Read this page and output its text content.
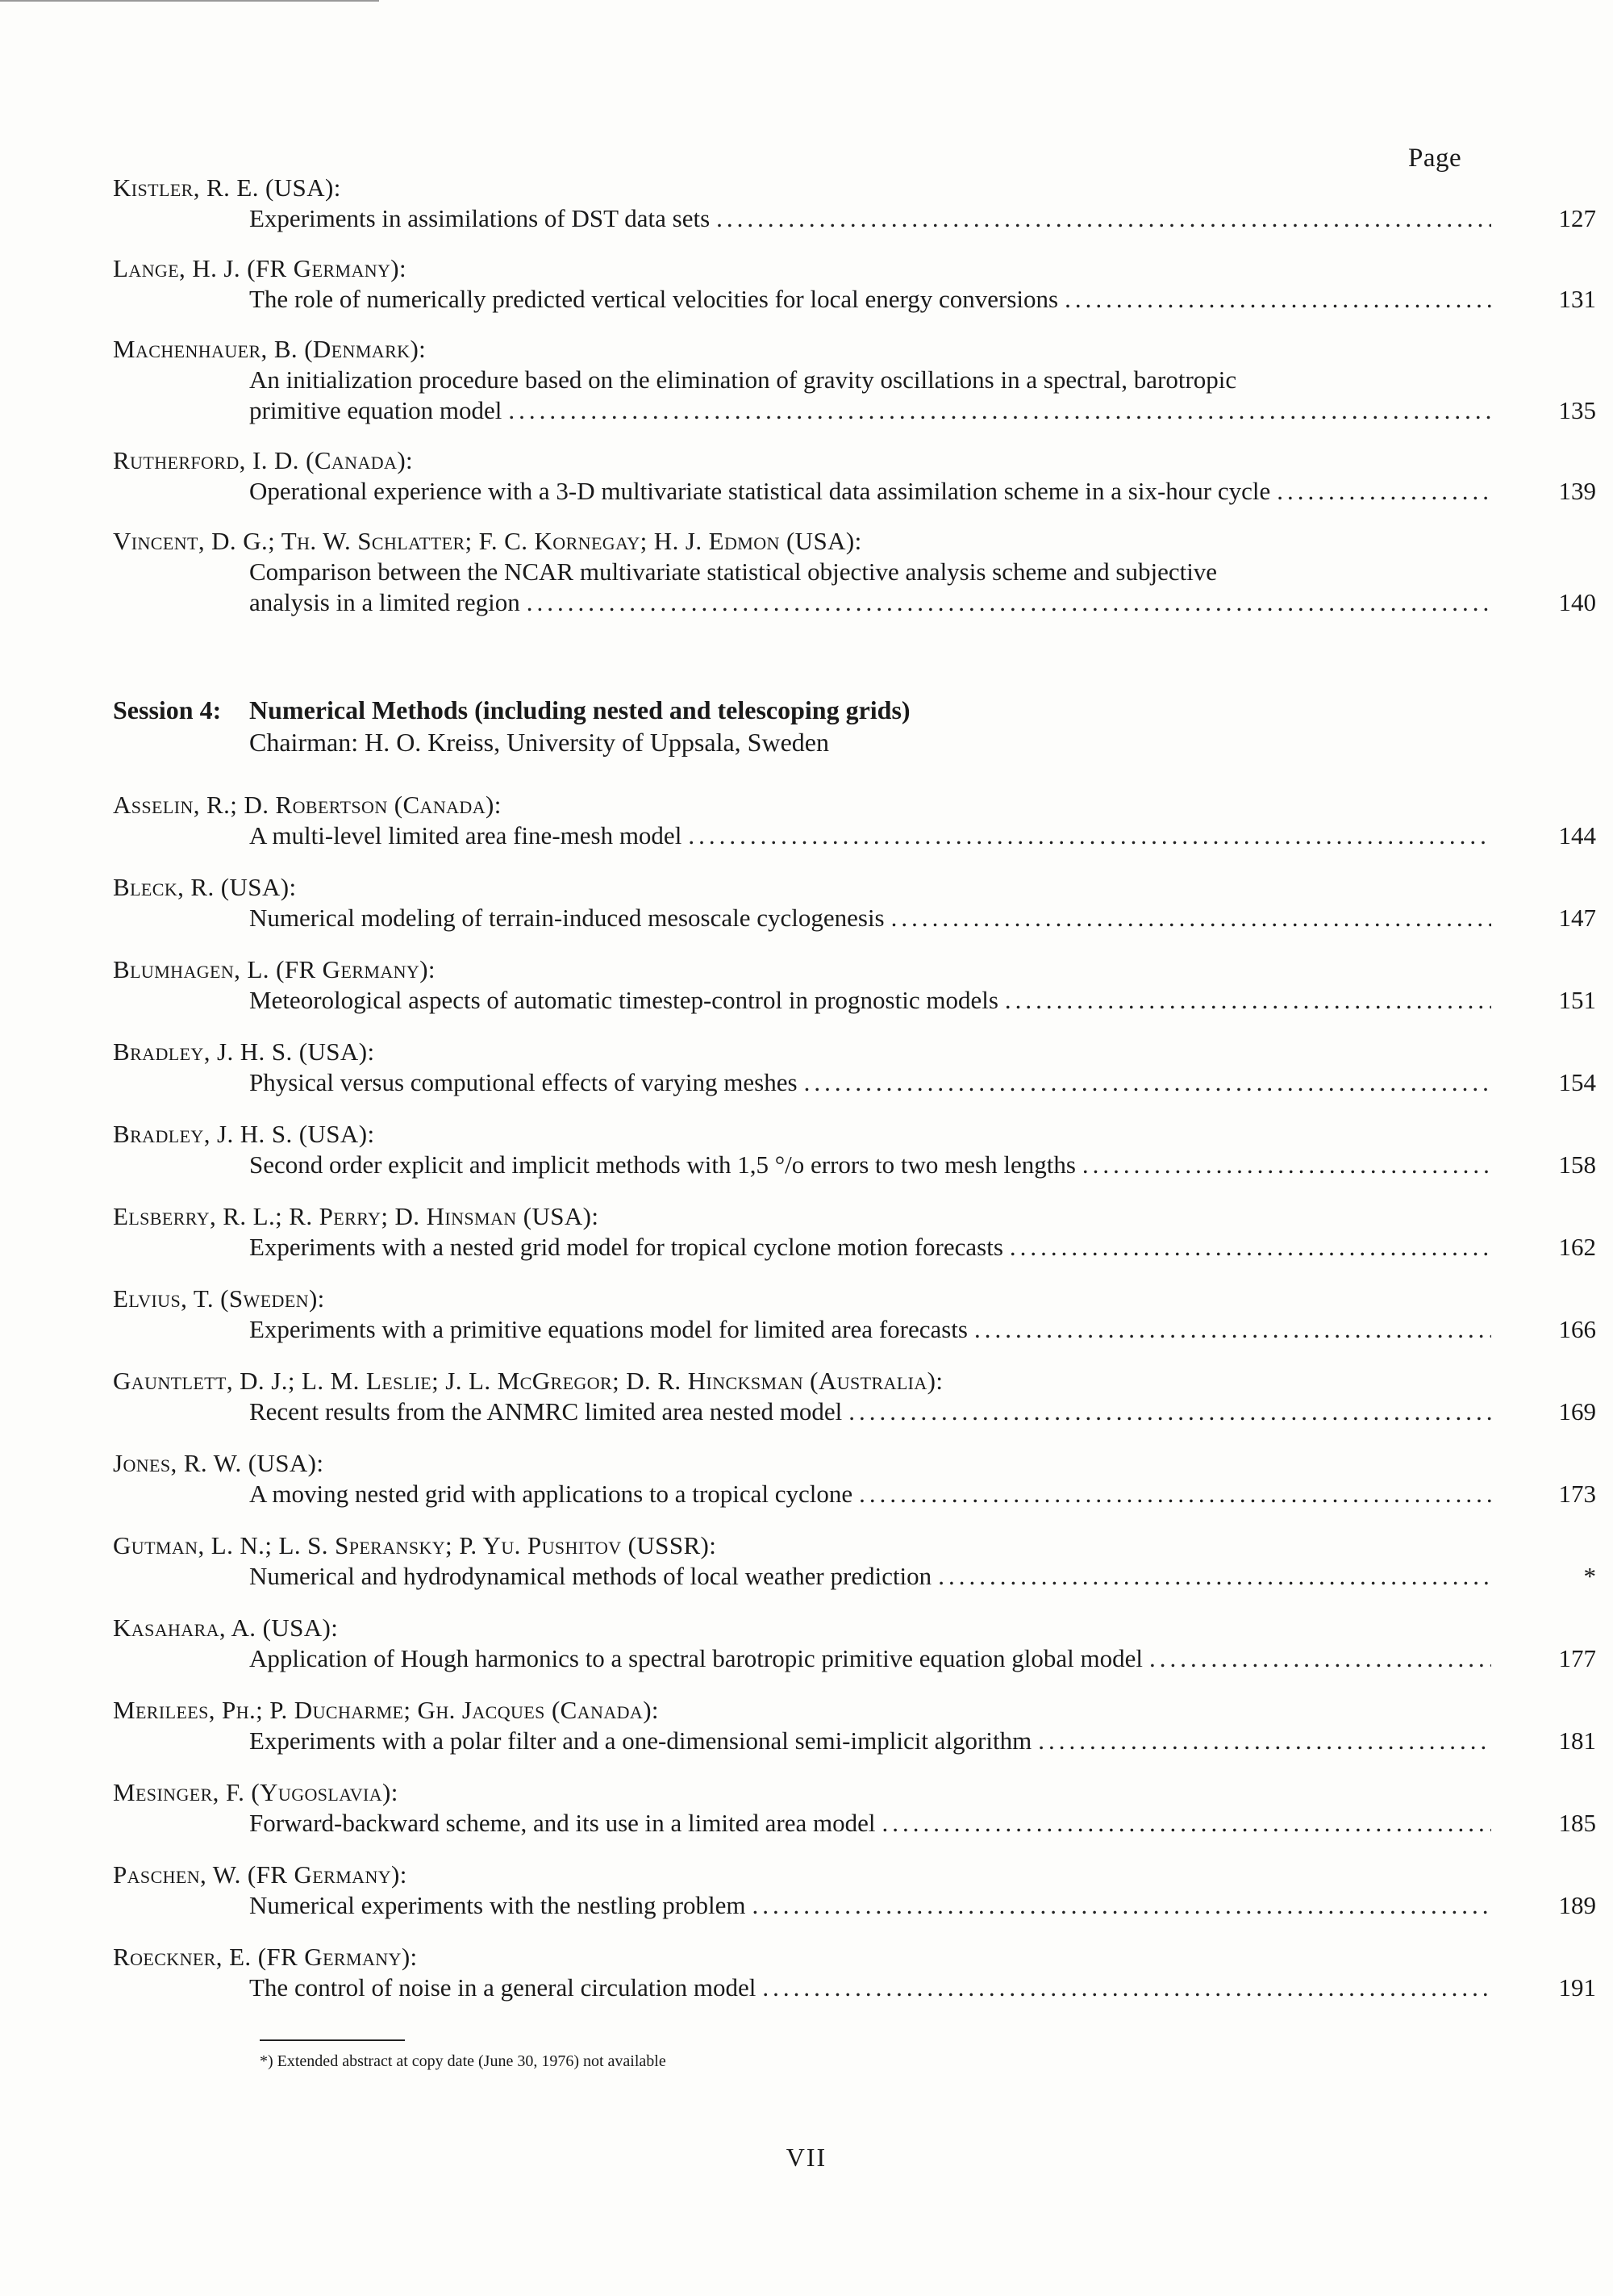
Page
Kistler, R. E. (USA):
Experiments in assimilations of DST data sets .....	127
Lange, H. J. (FR Germany):
The role of numerically predicted vertical velocities for local energy conversions .....	131
Machenhauer, B. (Denmark):
An initialization procedure based on the elimination of gravity oscillations in a spectral, barotropic
primitive equation model .....	135
Rutherford, I. D. (Canada):
Operational experience with a 3-D multivariate statistical data assimilation scheme in a six-hour cycle .....	139
Vincent, D. G.; Th. W. Schlatter; F. C. Kornegay; H. J. Edmon (USA):
Comparison between the NCAR multivariate statistical objective analysis scheme and subjective
analysis in a limited region .....	140
Session 4: Numerical Methods (including nested and telescoping grids)
Chairman: H. O. Kreiss, University of Uppsala, Sweden
Asselin, R.; D. Robertson (Canada):
A multi-level limited area fine-mesh model .....	144
Bleck, R. (USA):
Numerical modeling of terrain-induced mesoscale cyclogenesis .....	147
Blumhagen, L. (FR Germany):
Meteorological aspects of automatic timestep-control in prognostic models .....	151
Bradley, J. H. S. (USA):
Physical versus computional effects of varying meshes .....	154
Bradley, J. H. S. (USA):
Second order explicit and implicit methods with 1,5 °/o errors to two mesh lengths .....	158
Elsberry, R. L.; R. Perry; D. Hinsman (USA):
Experiments with a nested grid model for tropical cyclone motion forecasts .....	162
Elvius, T. (Sweden):
Experiments with a primitive equations model for limited area forecasts .....	166
Gauntlett, D. J.; L. M. Leslie; J. L. McGregor; D. R. Hincksman (Australia):
Recent results from the ANMRC limited area nested model .....	169
Jones, R. W. (USA):
A moving nested grid with applications to a tropical cyclone .....	173
Gutman, L. N.; L. S. Speransky; P. Yu. Pushitov (USSR):
Numerical and hydrodynamical methods of local weather prediction .....	*
Kasahara, A. (USA):
Application of Hough harmonics to a spectral barotropic primitive equation global model .....	177
Merilees, Ph.; P. Ducharme; Gh. Jacques (Canada):
Experiments with a polar filter and a one-dimensional semi-implicit algorithm .....	181
Mesinger, F. (Yugoslavia):
Forward-backward scheme, and its use in a limited area model .....	185
Paschen, W. (FR Germany):
Numerical experiments with the nestling problem .....	189
Roeckner, E. (FR Germany):
The control of noise in a general circulation model .....	191
*) Extended abstract at copy date (June 30, 1976) not available
VII
